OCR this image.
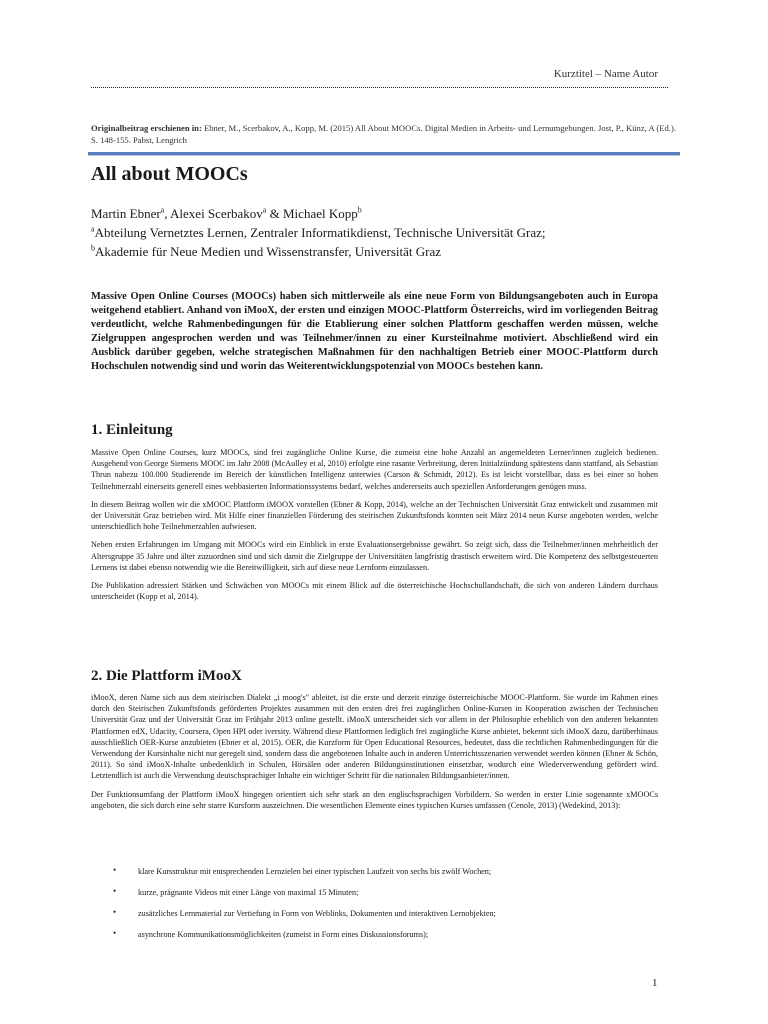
Kurztitel – Name Autor
Originalbeitrag erschienen in: Ebner, M., Scerbakov, A., Kopp, M. (2015) All About MOOCs. Digital Medien in Arbeits- und Lernumgebungen. Jost, P., Künz, A (Ed.). S. 148-155. Pabst, Lengrich
All about MOOCs
Martin Ebner$^a$, Alexei Scerbakov$^a$ & Michael Kopp$^b$
$^a$Abteilung Vernetztes Lernen, Zentraler Informatikdienst, Technische Universität Graz;
$^b$Akademie für Neue Medien und Wissenstransfer, Universität Graz

Massive Open Online Courses (MOOCs) haben sich mittlerweile als eine neue Form von Bildungsangeboten auch in Europa weitgehend etabliert. Anhand von iMooX, der ersten und einzigen MOOC-Plattform Österreichs, wird im vorliegenden Beitrag verdeutlicht, welche Rahmenbedingungen für die Etablierung einer solchen Plattform geschaffen werden müssen, welche Zielgruppen angesprochen werden und was Teilnehmer/innen zu einer Kursteilnahme motiviert. Abschließend wird ein Ausblick darüber gegeben, welche strategischen Maßnahmen für den nachhaltigen Betrieb einer MOOC-Plattform durch Hochschulen notwendig sind und worin das Weiterentwicklungspotenzial von MOOCs bestehen kann.

1. Einleitung

Massive Open Online Courses, kurz MOOCs, sind frei zugängliche Online Kurse, die zumeist eine hohe Anzahl an angemeldeten Lerner/innen zugleich bedienen. Ausgehend von George Siemens MOOC im Jahr 2008 (McAulley et al, 2010) erfolgte eine rasante Verbreitung, deren Initialzündung spätestens dann stattfand, als Sebastian Thrun nahezu 100.000 Studierende im Bereich der künstlichen Intelligenz unterwies (Carson & Schmidt, 2012). Es ist leicht vorstellbar, dass es bei einer so hohen Teilnehmerzahl einerseits generell eines webbasierten Informationssystems bedarf, welches andererseits auch speziellen Anforderungen genügen muss.

In diesem Beitrag wollen wir die xMOOC Plattform iMOOX vorstellen (Ebner & Kopp, 2014), welche an der Technischen Universität Graz entwickelt und zusammen mit der Universität Graz betrieben wird. Mit Hilfe einer finanziellen Förderung des steirischen Zukunftsfonds konnten seit März 2014 neun Kurse angeboten werden, welche unterschiedlich hohe Teilnehmerzahlen aufwiesen.

Neben ersten Erfahrungen im Umgang mit MOOCs wird ein Einblick in erste Evaluationsergebnisse gewährt. So zeigt sich, dass die Teilnehmer/innen mehrheitlich der Altersgruppe 35 Jahre und älter zuzuordnen sind und sich damit die Zielgruppe der Universitäten langfristig drastisch erweitern wird. Die Kompetenz des selbstgesteuerten Lernens ist dabei ebenso notwendig wie die Bereitwilligkeit, sich auf diese neue Lernform einzulassen.

Die Publikation adressiert Stärken und Schwächen von MOOCs mit einem Blick auf die österreichische Hochschullandschaft, die sich von anderen Ländern durchaus unterscheidet (Kopp et al, 2014).

2. Die Plattform iMooX

iMooX, deren Name sich aus dem steirischen Dialekt „i moog's" ableitet, ist die erste und derzeit einzige österreichische MOOC-Plattform. Sie wurde im Rahmen eines durch den Steirischen Zukunftsfonds geförderten Projektes zusammen mit den ersten drei frei zugänglichen Online-Kursen in Kooperation zwischen der Technischen Universität Graz und der Universität Graz im Frühjahr 2013 online gestellt. iMooX unterscheidet sich vor allem in der Philosophie erheblich von den anderen bekannten Plattformen edX, Udacity, Coursera, Open HPI oder iversity. Während diese Plattformen lediglich frei zugängliche Kurse anbietet, bekennt sich iMooX dazu, darüberhinaus ausschließlich OER-Kurse anzubieten (Ebner et al, 2015). OER, die Kurzform für Open Educational Resources, bedeutet, dass die rechtlichen Rahmenbedingungen für die Verwendung der Kursinhalte nicht nur geregelt sind, sondern dass die angebotenen Inhalte auch in anderen Unterrichtsszenarien verwendet werden können (Ebner & Schön, 2011). So sind iMooX-Inhalte unbedenklich in Schulen, Hörsälen oder anderen Bildungsinstitutionen einsetzbar, wodurch eine Wiederverwendung gefördert wird. Letztendlich ist auch die Verwendung deutschsprachiger Inhalte ein wichtiger Schritt für die nationalen Bildungsanbieter/innen.

Der Funktionsumfang der Plattform iMooX hingegen orientiert sich sehr stark an den englischsprachigen Vorbildern. So werden in erster Linie sogenannte xMOOCs angeboten, die sich durch eine sehr starre Kursform auszeichnen. Die wesentlichen Elemente eines typischen Kurses umfassen (Cenole, 2013) (Wedekind, 2013):

•	klare Kursstruktur mit entsprechenden Lernzielen bei einer typischen Laufzeit von sechs bis zwölf Wochen;
•	kurze, prägnante Videos mit einer Länge von maximal 15 Minuten;
•	zusätzliches Lernmaterial zur Vertiefung in Form von Weblinks, Dokumenten und interaktiven Lernobjekten;
•	asynchrone Kommunikationsmöglichkeiten (zumeist in Form eines Diskussionsforums);
1
